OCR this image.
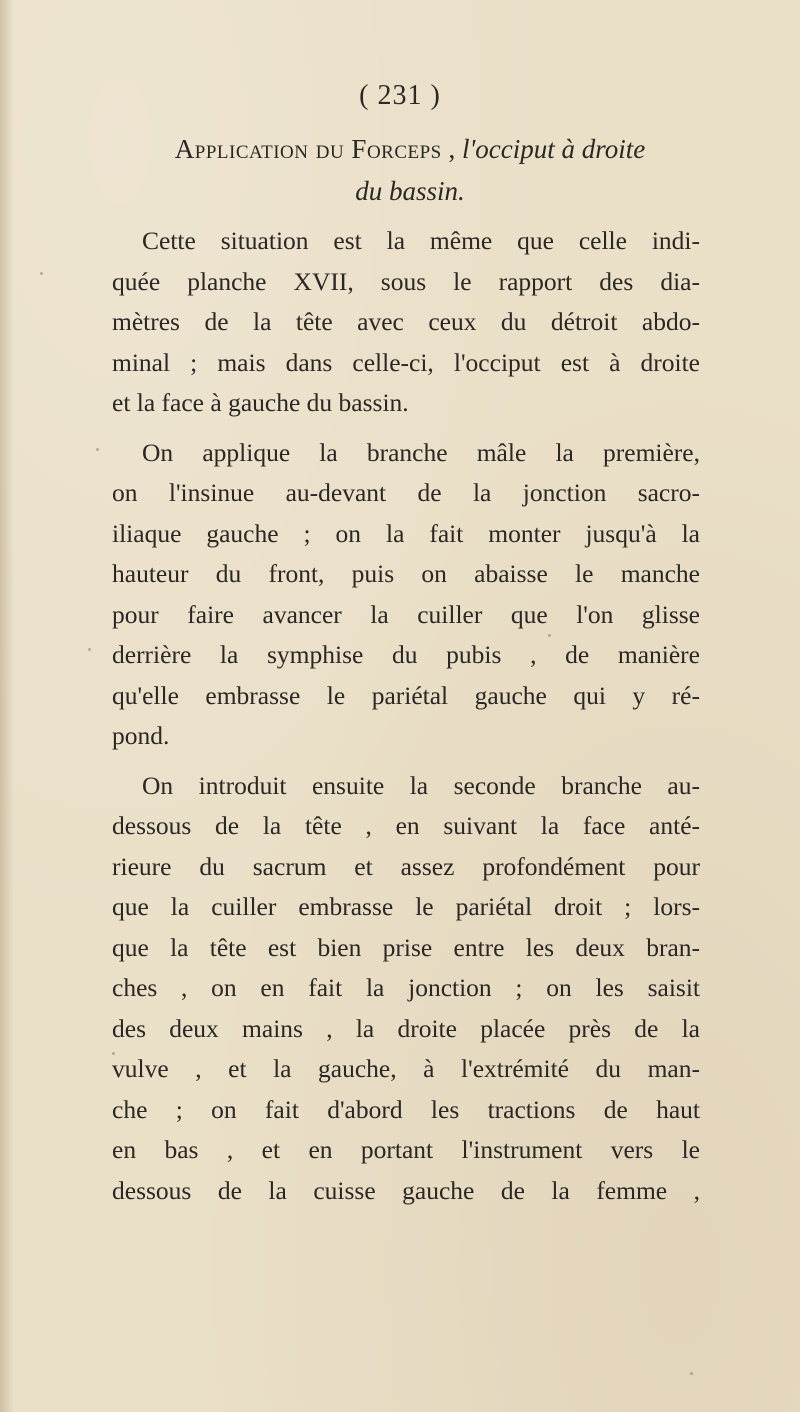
( 231 )
Application du Forceps , l'occiput à droite
du bassin.
Cette situation est la même que celle indi-
quée planche XVII, sous le rapport des dia-
mètres de la tête avec ceux du détroit abdo-
minal ; mais dans celle-ci, l'occiput est à droite
et la face à gauche du bassin.
On applique la branche mâle la première,
on l'insinue au-devant de la jonction sacro-
iliaque gauche ; on la fait monter jusqu'à la
hauteur du front, puis on abaisse le manche
pour faire avancer la cuiller que l'on glisse
derrière la symphise du pubis , de manière
qu'elle embrasse le pariétal gauche qui y ré-
pond.
On introduit ensuite la seconde branche au-
dessous de la tête , en suivant la face anté-
rieure du sacrum et assez profondément pour
que la cuiller embrasse le pariétal droit ; lors-
que la tête est bien prise entre les deux bran-
ches , on en fait la jonction ; on les saisit
des deux mains , la droite placée près de la
vulve , et la gauche, à l'extrémité du man-
che ; on fait d'abord les tractions de haut
en bas , et en portant l'instrument vers le
dessous de la cuisse gauche de la femme ,
